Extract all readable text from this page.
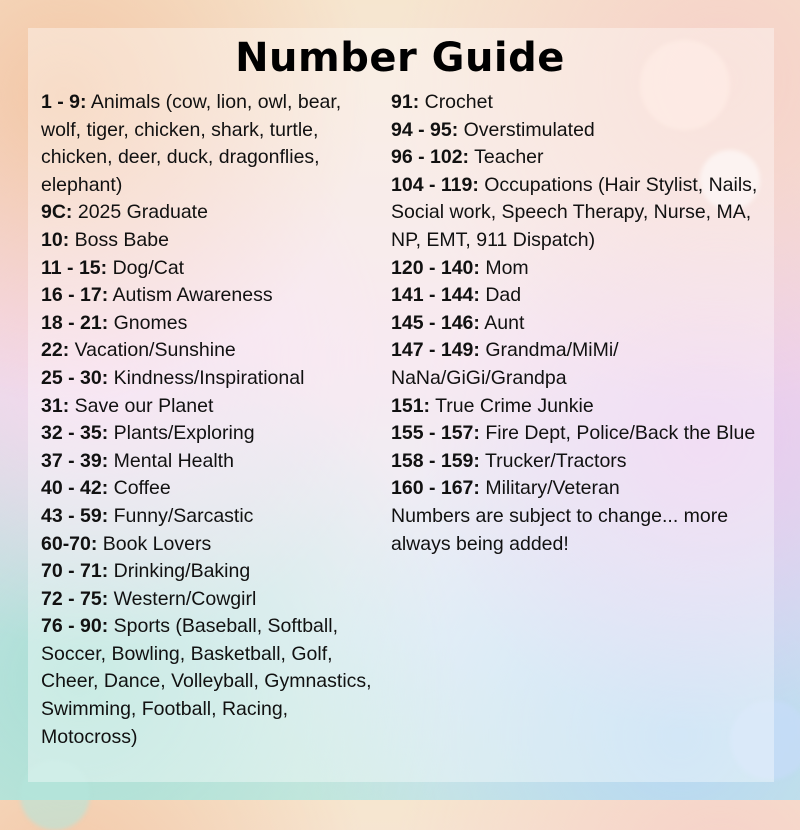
Number Guide

1 - 9: Animals (cow, lion, owl, bear, wolf, tiger, chicken, shark, turtle, chicken, deer, duck, dragonflies, elephant)

9C: 2025 Graduate

10: Boss Babe

11 - 15: Dog/Cat

16 - 17: Autism Awareness

18 - 21: Gnomes

22: Vacation/Sunshine

25 - 30: Kindness/Inspirational

31: Save our Planet

32 - 35: Plants/Exploring

37 - 39: Mental Health

40 - 42: Coffee

43 - 59: Funny/Sarcastic

60-70: Book Lovers

70 - 71: Drinking/Baking

72 - 75: Western/Cowgirl

76 - 90: Sports (Baseball, Softball, Soccer, Bowling, Basketball, Golf, Cheer, Dance, Volleyball, Gymnastics, Swimming, Football, Racing, Motocross)

91: Crochet

94 - 95: Overstimulated

96 - 102: Teacher

104 - 119: Occupations (Hair Stylist, Nails, Social work, Speech Therapy, Nurse, MA, NP, EMT, 911 Dispatch)

120 - 140: Mom

141 - 144: Dad

145 - 146: Aunt

147 - 149: Grandma/MiMi/ NaNa/GiGi/Grandpa

151: True Crime Junkie

155 - 157: Fire Dept, Police/Back the Blue

158 - 159: Trucker/Tractors

160 - 167: Military/Veteran

Numbers are subject to change... more always being added!
